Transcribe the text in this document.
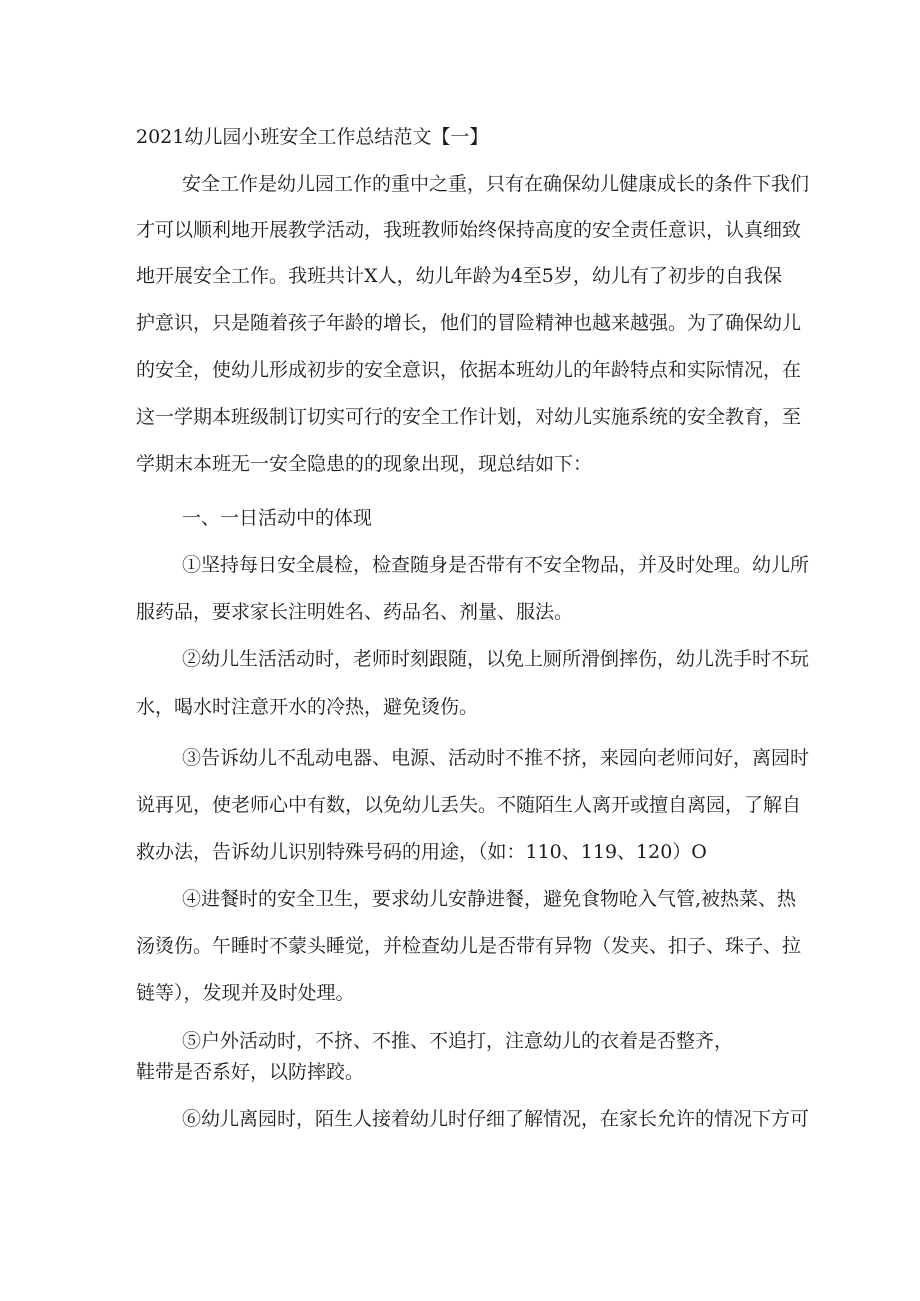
2021幼儿园小班安全工作总结范文【一】
安全工作是幼儿园工作的重中之重，只有在确保幼儿健康成长的条件下我们
才可以顺利地开展教学活动，我班教师始终保持高度的安全责任意识，认真细致
地开展安全工作。我班共计X人，幼儿年龄为4至5岁，幼儿有了初步的自我保
护意识，只是随着孩子年龄的增长，他们的冒险精神也越来越强。为了确保幼儿
的安全，使幼儿形成初步的安全意识，依据本班幼儿的年龄特点和实际情况，在
这一学期本班级制订切实可行的安全工作计划，对幼儿实施系统的安全教育，至
学期末本班无一安全隐患的的现象出现，现总结如下：
一、一日活动中的体现
①坚持每日安全晨检，检查随身是否带有不安全物品，并及时处理。幼儿所
服药品，要求家长注明姓名、药品名、剂量、服法。
②幼儿生活活动时，老师时刻跟随，以免上厕所滑倒摔伤，幼儿洗手时不玩
水，喝水时注意开水的冷热，避免烫伤。
③告诉幼儿不乱动电器、电源、活动时不推不挤，来园向老师问好，离园时
说再见，使老师心中有数，以免幼儿丢失。不随陌生人离开或擅自离园，了解自
救办法，告诉幼儿识别特殊号码的用途，（如：110、119、120）O
④进餐时的安全卫生，要求幼儿安静进餐，避免食物呛入气管,被热菜、热
汤烫伤。午睡时不蒙头睡觉，并检查幼儿是否带有异物（发夹、扣子、珠子、拉
链等），发现并及时处理。
⑤户外活动时，不挤、不推、不追打，注意幼儿的衣着是否整齐，
鞋带是否系好，以防摔跤。
⑥幼儿离园时，陌生人接着幼儿时仔细了解情况，在家长允许的情况下方可
